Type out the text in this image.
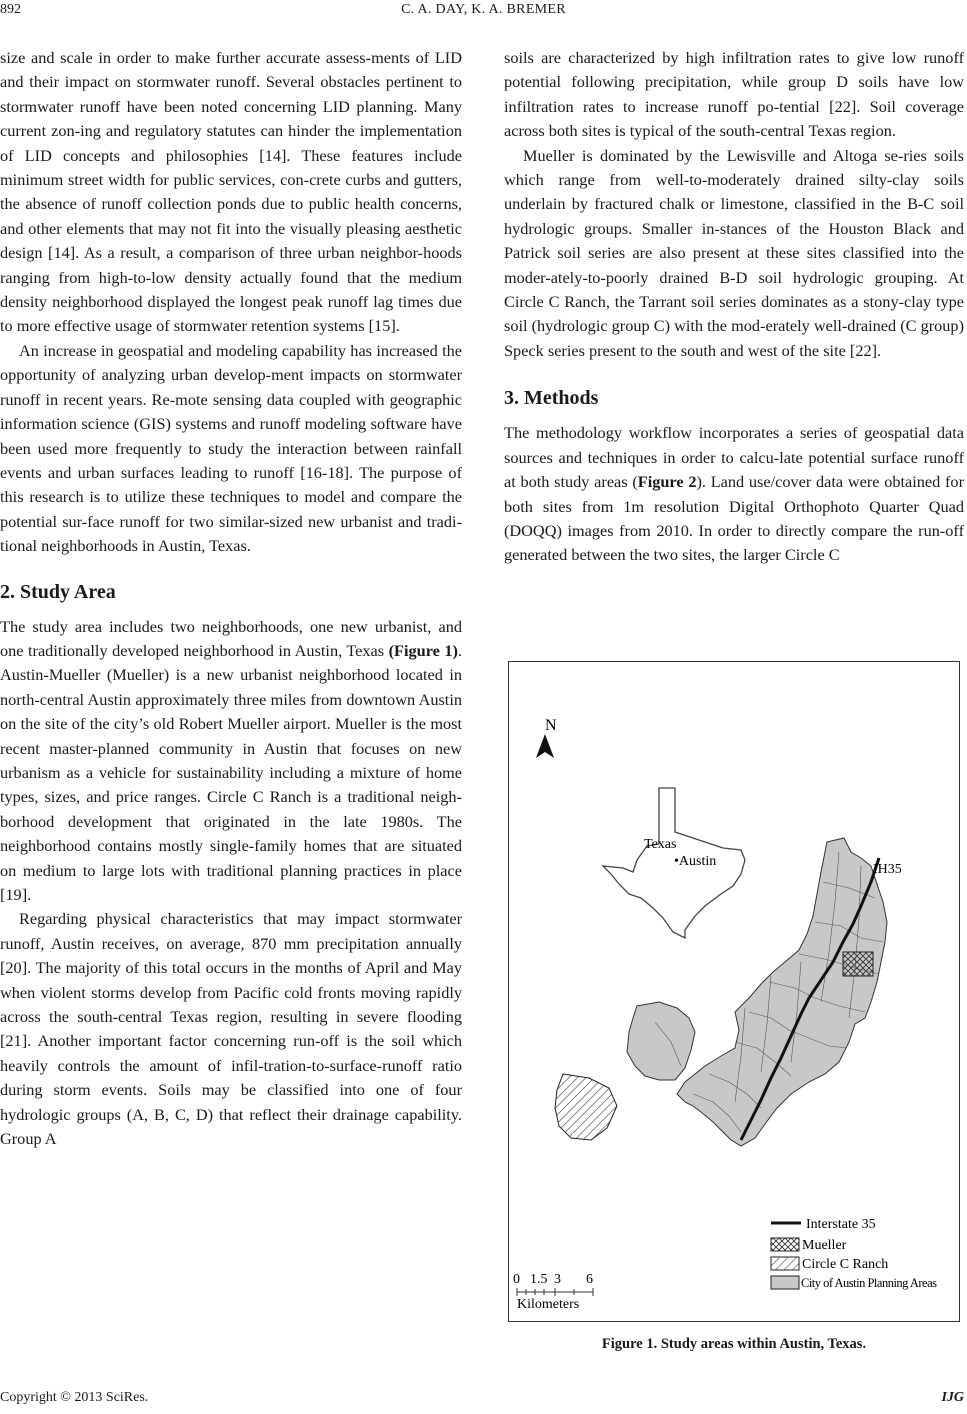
892	C. A. DAY, K. A. BREMER

size and scale in order to make further accurate assess-ments of LID and their impact on stormwater runoff. Several obstacles pertinent to stormwater runoff have been noted concerning LID planning. Many current zon-ing and regulatory statutes can hinder the implementation of LID concepts and philosophies [14]. These features include minimum street width for public services, con-crete curbs and gutters, the absence of runoff collection ponds due to public health concerns, and other elements that may not fit into the visually pleasing aesthetic design [14]. As a result, a comparison of three urban neighbor-hoods ranging from high-to-low density actually found that the medium density neighborhood displayed the longest peak runoff lag times due to more effective usage of stormwater retention systems [15].

An increase in geospatial and modeling capability has increased the opportunity of analyzing urban develop-ment impacts on stormwater runoff in recent years. Re-mote sensing data coupled with geographic information science (GIS) systems and runoff modeling software have been used more frequently to study the interaction between rainfall events and urban surfaces leading to runoff [16-18]. The purpose of this research is to utilize these techniques to model and compare the potential sur-face runoff for two similar-sized new urbanist and tradi-tional neighborhoods in Austin, Texas.

2. Study Area

The study area includes two neighborhoods, one new urbanist, and one traditionally developed neighborhood in Austin, Texas (Figure 1). Austin-Mueller (Mueller) is a new urbanist neighborhood located in north-central Austin approximately three miles from downtown Austin on the site of the city’s old Robert Mueller airport. Mueller is the most recent master-planned community in Austin that focuses on new urbanism as a vehicle for sustainability including a mixture of home types, sizes, and price ranges. Circle C Ranch is a traditional neigh-borhood development that originated in the late 1980s. The neighborhood contains mostly single-family homes that are situated on medium to large lots with traditional planning practices in place [19].

Regarding physical characteristics that may impact stormwater runoff, Austin receives, on average, 870 mm precipitation annually [20]. The majority of this total occurs in the months of April and May when violent storms develop from Pacific cold fronts moving rapidly across the south-central Texas region, resulting in severe flooding [21]. Another important factor concerning run-off is the soil which heavily controls the amount of infil-tration-to-surface-runoff ratio during storm events. Soils may be classified into one of four hydrologic groups (A, B, C, D) that reflect their drainage capability. Group A

soils are characterized by high infiltration rates to give low runoff potential following precipitation, while group D soils have low infiltration rates to increase runoff po-tential [22]. Soil coverage across both sites is typical of the south-central Texas region.

Mueller is dominated by the Lewisville and Altoga se-ries soils which range from well-to-moderately drained silty-clay soils underlain by fractured chalk or limestone, classified in the B-C soil hydrologic groups. Smaller in-stances of the Houston Black and Patrick soil series are also present at these sites classified into the moder-ately-to-poorly drained B-D soil hydrologic grouping. At Circle C Ranch, the Tarrant soil series dominates as a stony-clay type soil (hydrologic group C) with the mod-erately well-drained (C group) Speck series present to the south and west of the site [22].

3. Methods

The methodology workflow incorporates a series of geospatial data sources and techniques in order to calcu-late potential surface runoff at both study areas (Figure 2). Land use/cover data were obtained for both sites from 1m resolution Digital Orthophoto Quarter Quad (DOQQ) images from 2010. In order to directly compare the run-off generated between the two sites, the larger Circle C

N
Texas
•Austin
IH35
Interstate 35
Mueller
Circle C Ranch
City of Austin Planning Areas
0 1.5 3 6
Kilometers
Figure 1. Study areas within Austin, Texas.
Copyright © 2013 SciRes.	IJG
